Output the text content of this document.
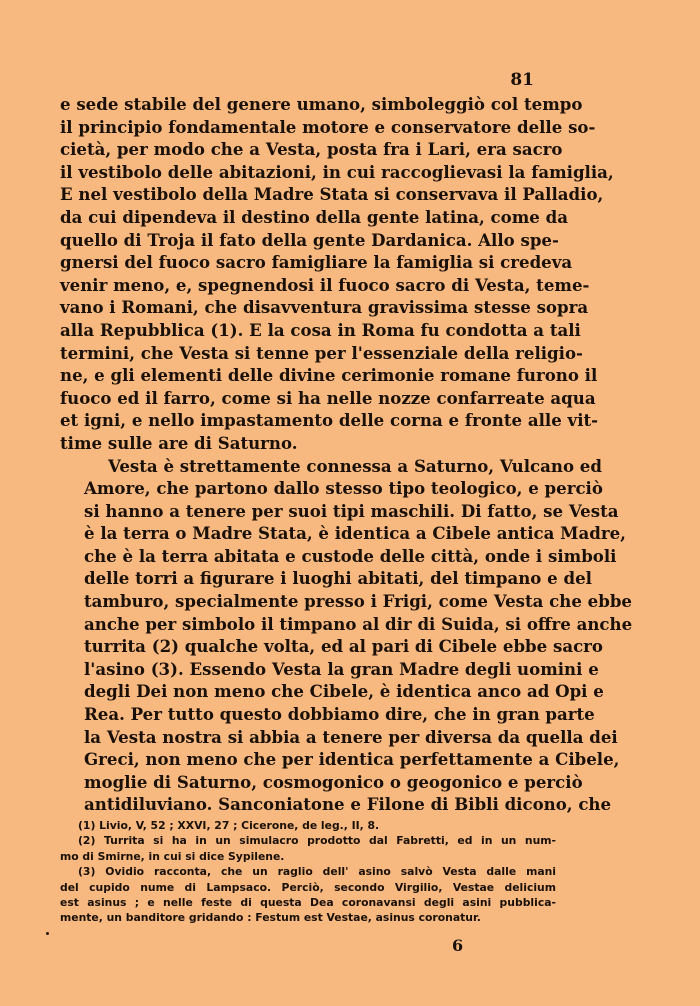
81

e sede stabile del genere umano, simboleggiò col tempo
il principio fondamentale motore e conservatore delle so-
cietà, per modo che a Vesta, posta fra i Lari, era sacro
il vestibolo delle abitazioni, in cui raccoglievasi la famiglia,
E nel vestibolo della Madre Stata si conservava il Palladio,
da cui dipendeva il destino della gente latina, come da
quello di Troja il fato della gente Dardanica. Allo spe-
gnersi del fuoco sacro famigliare la famiglia si credeva
venir meno, e, spegnendosi il fuoco sacro di Vesta, teme-
vano i Romani, che disavventura gravissima stesse sopra
alla Repubblica (1). E la cosa in Roma fu condotta a tali
termini, che Vesta si tenne per l'essenziale della religio-
ne, e gli elementi delle divine cerimonie romane furono il
fuoco ed il farro, come si ha nelle nozze confarreate aqua
et igni, e nello impastamento delle corna e fronte alle vit-
time sulle are di Saturno.

Vesta è strettamente connessa a Saturno, Vulcano ed
Amore, che partono dallo stesso tipo teologico, e perciò
si hanno a tenere per suoi tipi maschili. Di fatto, se Vesta
è la terra o Madre Stata, è identica a Cibele antica Madre,
che è la terra abitata e custode delle città, onde i simboli
delle torri a figurare i luoghi abitati, del timpano e del
tamburo, specialmente presso i Frigi, come Vesta che ebbe
anche per simbolo il timpano al dir di Suida, si offre anche
turrita (2) qualche volta, ed al pari di Cibele ebbe sacro
l'asino (3). Essendo Vesta la gran Madre degli uomini e
degli Dei non meno che Cibele, è identica anco ad Opi e
Rea. Per tutto questo dobbiamo dire, che in gran parte
la Vesta nostra si abbia a tenere per diversa da quella dei
Greci, non meno che per identica perfettamente a Cibele,
moglie di Saturno, cosmogonico o geogonico e perciò
antidiluviano. Sanconiatone e Filone di Bibli dicono, che

(1) Livio, V, 52 ; XXVI, 27 ; Cicerone, de leg., II, 8.
(2) Turrita si ha in un simulacro prodotto dal Fabretti, ed in un num-
mo di Smirne, in cui si dice Sypilene.
(3) Ovidio racconta, che un raglio dell' asino salvò Vesta dalle mani
del cupido nume di Lampsaco. Perciò, secondo Virgilio, Vestae delicium
est asinus ; e nelle feste di questa Dea coronavansi degli asini pubblica-
mente, un banditore gridando : Festum est Vestae, asinus coronatur.
6
